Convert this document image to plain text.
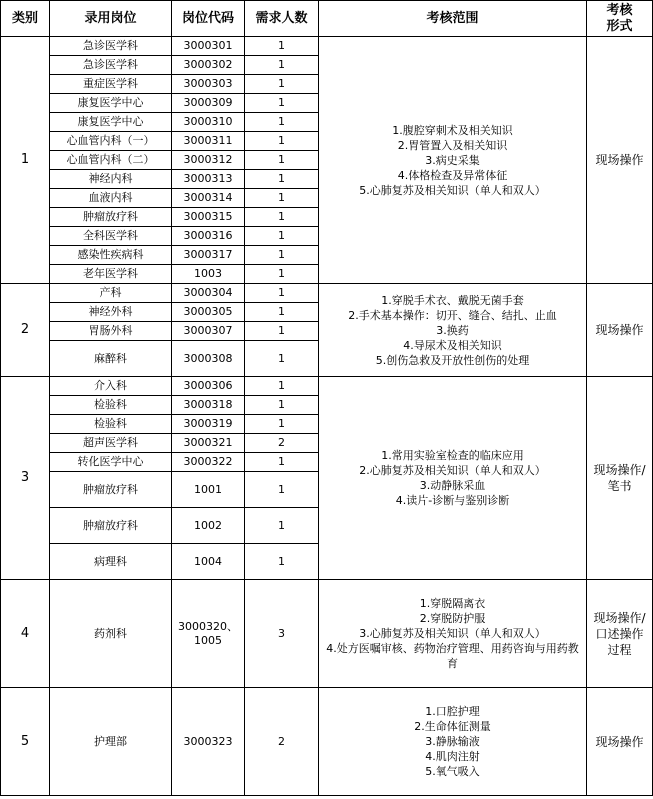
类别	录用岗位	岗位代码	需求人数	考核范围	考核
形式
1	急诊医学科	3000301	1	1.腹腔穿刺术及相关知识
2.胃管置入及相关知识
3.病史采集
4.体格检查及异常体征
5.心肺复苏及相关知识（单人和双人）	现场操作
	急诊医学科	3000302	1		
	重症医学科	3000303	1		
	康复医学中心	3000309	1		
	康复医学中心	3000310	1		
	心血管内科（一）	3000311	1		
	心血管内科（二）	3000312	1		
	神经内科	3000313	1		
	血液内科	3000314	1		
	肿瘤放疗科	3000315	1		
	全科医学科	3000316	1		
	感染性疾病科	3000317	1		
	老年医学科	1003	1		
2	产科	3000304	1	1.穿脱手术衣、戴脱无菌手套
2.手术基本操作：切开、缝合、结扎、止血
3.换药
4.导尿术及相关知识
5.创伤急救及开放性创伤的处理	现场操作
	神经外科	3000305	1		
	胃肠外科	3000307	1		
	麻醉科	3000308	1		
3	介入科	3000306	1	1.常用实验室检查的临床应用
2.心肺复苏及相关知识（单人和双人）
3.动静脉采血
4.读片-诊断与鉴别诊断	现场操作/
笔书
	检验科	3000318	1		
	检验科	3000319	1		
	超声医学科	3000321	2		
	转化医学中心	3000322	1		
	肿瘤放疗科	1001	1		
	肿瘤放疗科	1002	1		
	病理科	1004	1		
4	药剂科	3000320、
1005	3	1.穿脱隔离衣
2.穿脱防护服
3.心肺复苏及相关知识（单人和双人）
4.处方医嘱审核、药物治疗管理、用药咨询与用药教育	现场操作/
口述操作
过程
5	护理部	3000323	2	1.口腔护理
2.生命体征测量
3.静脉输液
4.肌肉注射
5.氧气吸入	现场操作
